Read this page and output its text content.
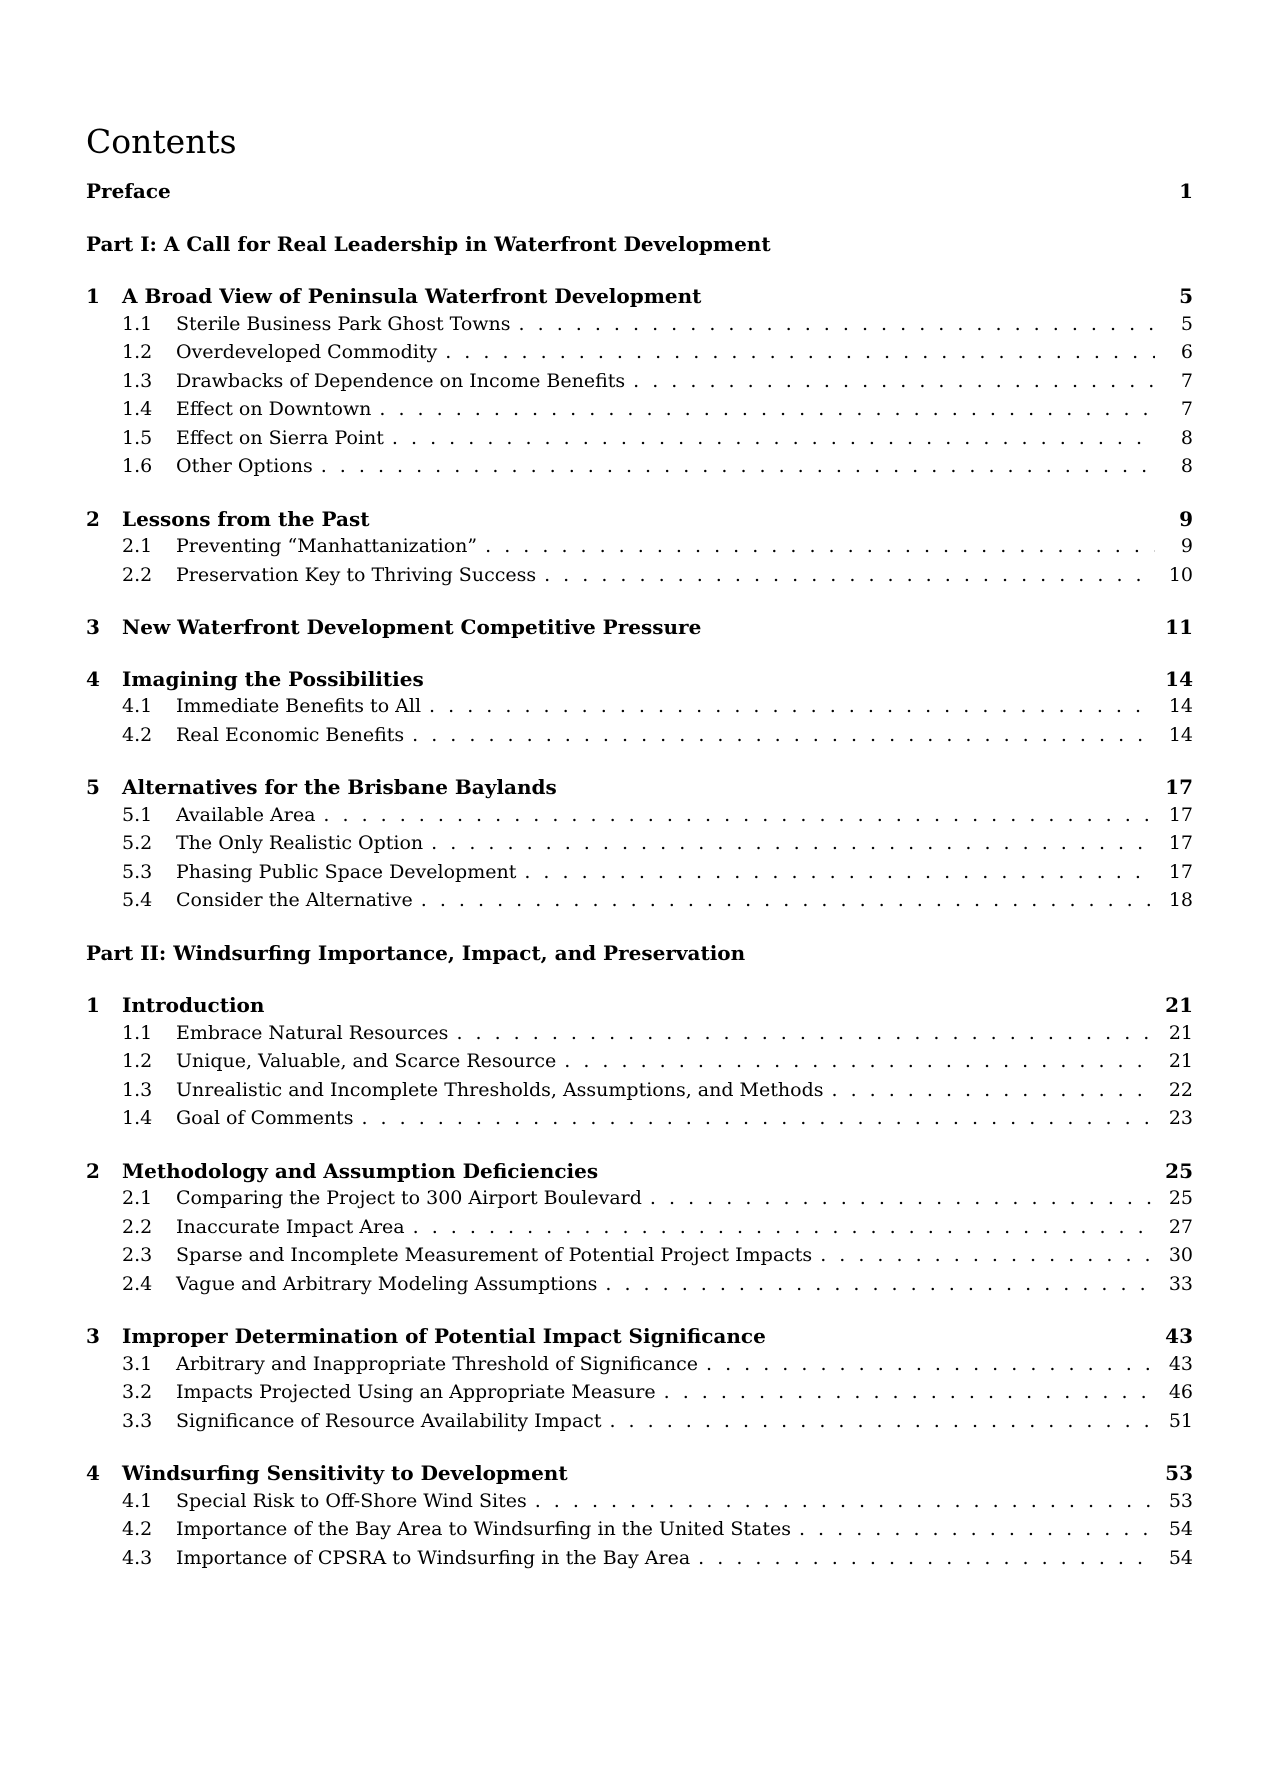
Contents
Preface	1
Part I: A Call for Real Leadership in Waterfront Development
1	A Broad View of Peninsula Waterfront Development	5
1.1	Sterile Business Park Ghost Towns . . .	5
1.2	Overdeveloped Commodity . . .	6
1.3	Drawbacks of Dependence on Income Benefits . . .	7
1.4	Effect on Downtown . . .	7
1.5	Effect on Sierra Point . . .	8
1.6	Other Options . . .	8
2	Lessons from the Past	9
2.1	Preventing “Manhattanization” . . .	9
2.2	Preservation Key to Thriving Success . . .	10
3	New Waterfront Development Competitive Pressure	11
4	Imagining the Possibilities	14
4.1	Immediate Benefits to All . . .	14
4.2	Real Economic Benefits . . .	14
5	Alternatives for the Brisbane Baylands	17
5.1	Available Area . . .	17
5.2	The Only Realistic Option . . .	17
5.3	Phasing Public Space Development . . .	17
5.4	Consider the Alternative . . .	18
Part II: Windsurfing Importance, Impact, and Preservation
1	Introduction	21
1.1	Embrace Natural Resources . . .	21
1.2	Unique, Valuable, and Scarce Resource . . .	21
1.3	Unrealistic and Incomplete Thresholds, Assumptions, and Methods . . .	22
1.4	Goal of Comments . . .	23
2	Methodology and Assumption Deficiencies	25
2.1	Comparing the Project to 300 Airport Boulevard . . .	25
2.2	Inaccurate Impact Area . . .	27
2.3	Sparse and Incomplete Measurement of Potential Project Impacts . . .	30
2.4	Vague and Arbitrary Modeling Assumptions . . .	33
3	Improper Determination of Potential Impact Significance	43
3.1	Arbitrary and Inappropriate Threshold of Significance . . .	43
3.2	Impacts Projected Using an Appropriate Measure . . .	46
3.3	Significance of Resource Availability Impact . . .	51
4	Windsurfing Sensitivity to Development	53
4.1	Special Risk to Off-Shore Wind Sites . . .	53
4.2	Importance of the Bay Area to Windsurfing in the United States . . .	54
4.3	Importance of CPSRA to Windsurfing in the Bay Area . . .	54
